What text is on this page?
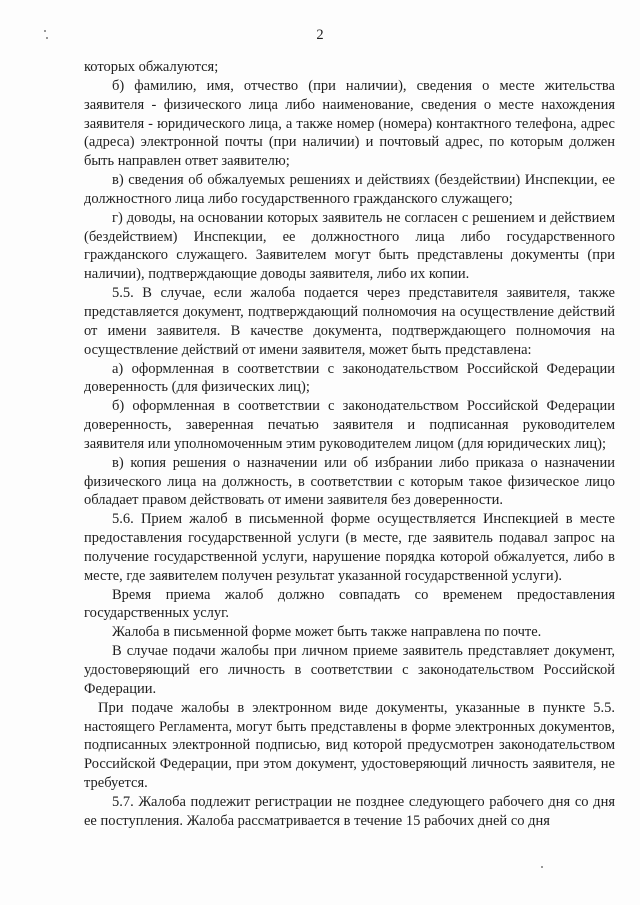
2

которых обжалуются;

б) фамилию, имя, отчество (при наличии), сведения о месте жительства заявителя - физического лица либо наименование, сведения о месте нахождения заявителя - юридического лица, а также номер (номера) контактного телефона, адрес (адреса) электронной почты (при наличии) и почтовый адрес, по которым должен быть направлен ответ заявителю;

в) сведения об обжалуемых решениях и действиях (бездействии) Инспекции, ее должностного лица либо государственного гражданского служащего;

г) доводы, на основании которых заявитель не согласен с решением и действием (бездействием) Инспекции, ее должностного лица либо государственного гражданского служащего. Заявителем могут быть представлены документы (при наличии), подтверждающие доводы заявителя, либо их копии.

5.5. В случае, если жалоба подается через представителя заявителя, также представляется документ, подтверждающий полномочия на осуществление действий от имени заявителя. В качестве документа, подтверждающего полномочия на осуществление действий от имени заявителя, может быть представлена:

а) оформленная в соответствии с законодательством Российской Федерации доверенность (для физических лиц);

б) оформленная в соответствии с законодательством Российской Федерации доверенность, заверенная печатью заявителя и подписанная руководителем заявителя или уполномоченным этим руководителем лицом (для юридических лиц);

в) копия решения о назначении или об избрании либо приказа о назначении физического лица на должность, в соответствии с которым такое физическое лицо обладает правом действовать от имени заявителя без доверенности.

5.6. Прием жалоб в письменной форме осуществляется Инспекцией в месте предоставления государственной услуги (в месте, где заявитель подавал запрос на получение государственной услуги, нарушение порядка которой обжалуется, либо в месте, где заявителем получен результат указанной государственной услуги).

Время приема жалоб должно совпадать со временем предоставления государственных услуг.

Жалоба в письменной форме может быть также направлена по почте.

В случае подачи жалобы при личном приеме заявитель представляет документ, удостоверяющий его личность в соответствии с законодательством Российской Федерации.

При подаче жалобы в электронном виде документы, указанные в пункте 5.5. настоящего Регламента, могут быть представлены в форме электронных документов, подписанных электронной подписью, вид которой предусмотрен законодательством Российской Федерации, при этом документ, удостоверяющий личность заявителя, не требуется.

5.7. Жалоба подлежит регистрации не позднее следующего рабочего дня со дня ее поступления. Жалоба рассматривается в течение 15 рабочих дней со дня
